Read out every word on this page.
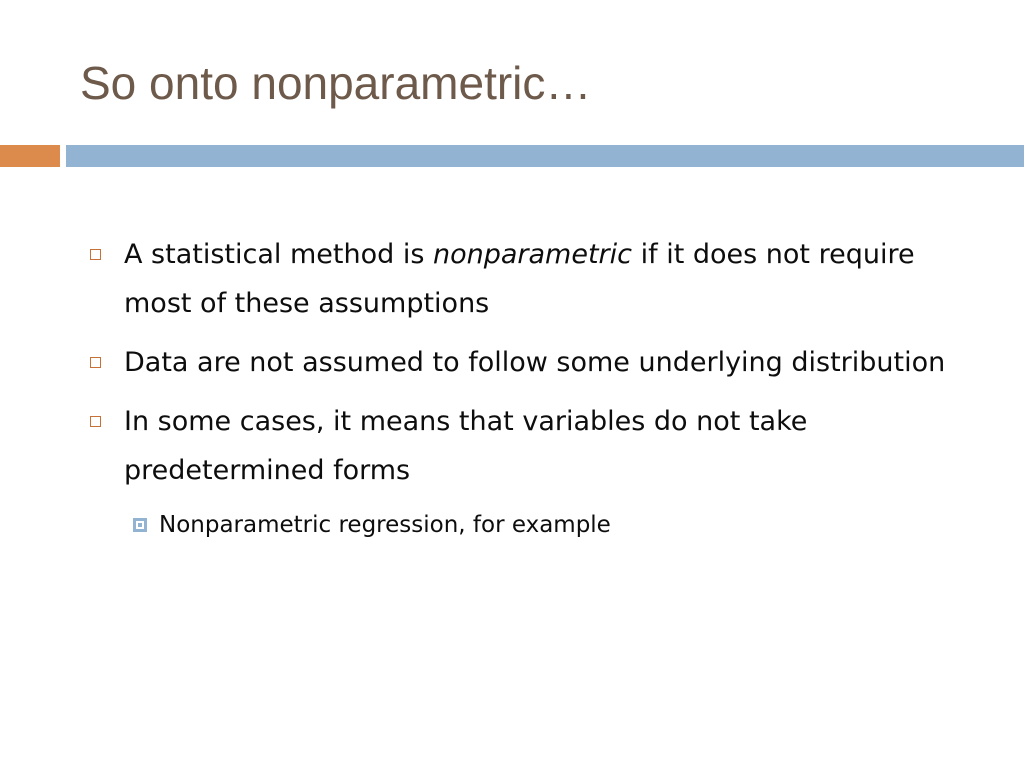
So onto nonparametric…
A statistical method is nonparametric if it does not require most of these assumptions
Data are not assumed to follow some underlying distribution
In some cases, it means that variables do not take predetermined forms
Nonparametric regression, for example
